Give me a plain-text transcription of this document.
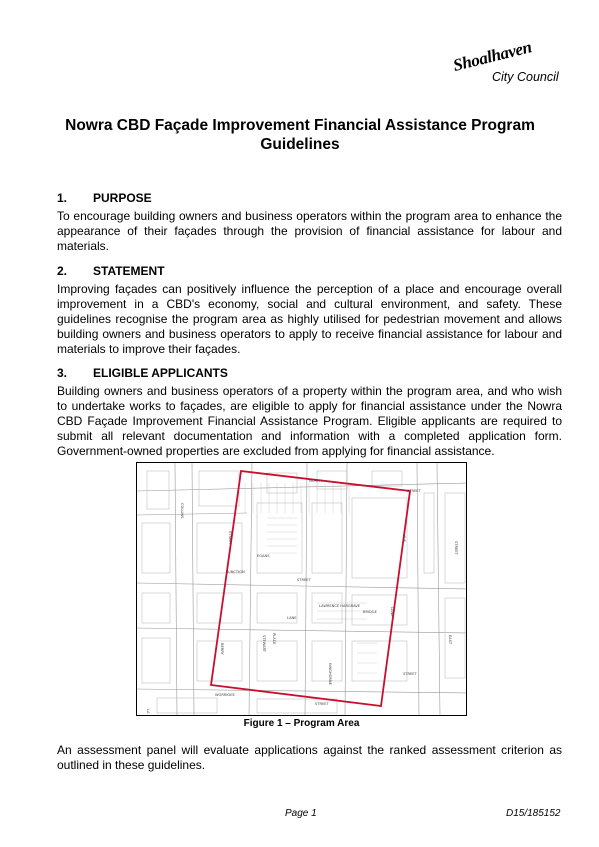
Shoalhaven
City Council
Nowra CBD Façade Improvement Financial Assistance Program Guidelines
1. PURPOSE
To encourage building owners and business operators within the program area to enhance the appearance of their façades through the provision of financial assistance for labour and materials.
2. STATEMENT
Improving façades can positively influence the perception of a place and encourage overall improvement in a CBD's economy, social and cultural environment, and safety. These guidelines recognise the program area as highly utilised for pedestrian movement and allows building owners and business operators to apply to receive financial assistance for labour and materials to improve their façades.
3. ELIGIBLE APPLICANTS
Building owners and business operators of a property within the program area, and who wish to undertake works to façades, are eligible to apply for financial assistance under the Nowra CBD Façade Improvement Financial Assistance Program. Eligible applicants are required to submit all relevant documentation and information with a completed application form. Government-owned properties are excluded from applying for financial assistance.
NORTH
STREET
COLLINS
STREET
EGANS
JUNCTION
STREET
BERRY	STEWART PLACE
WORRIGEE
STREET
KINGHORNE
LAWRENCE HARGRAVE
LANE
BRIDGE	LANE
STREET
EAST
AVE
STREET
LA
Figure 1 – Program Area
An assessment panel will evaluate applications against the ranked assessment criterion as outlined in these guidelines.
Page 1	D15/185152
